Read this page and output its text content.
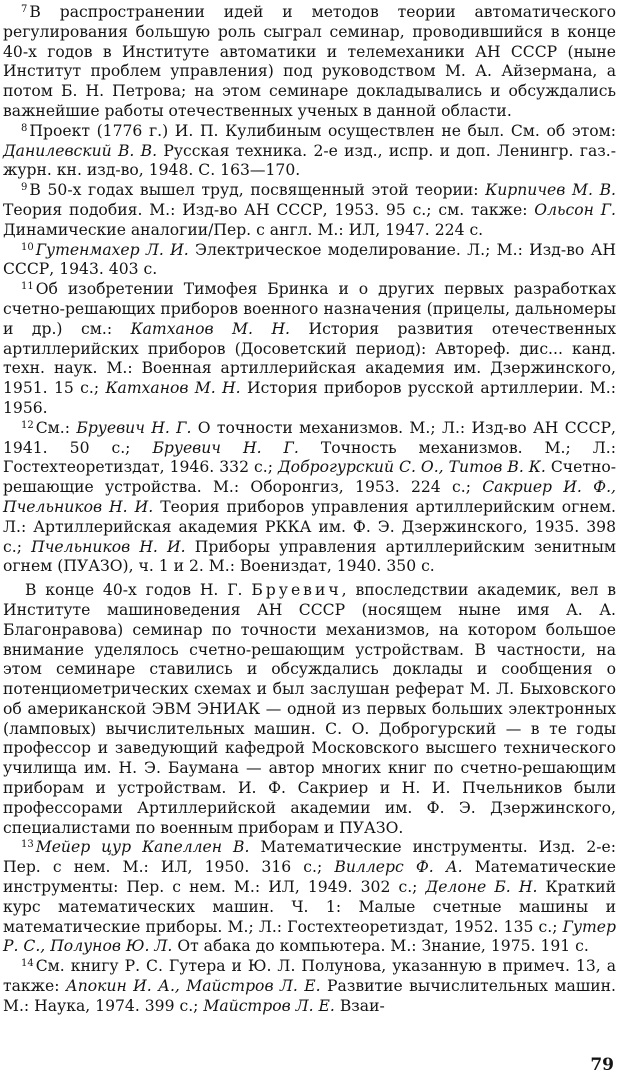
$^7$ В распространении идей и методов теории автоматического регулирования большую роль сыграл семинар, проводившийся в конце 40-х годов в Институте автоматики и телемеханики АН СССР (ныне Институт проблем управления) под руководством М. А. Айзермана, а потом Б. Н. Петрова; на этом семинаре докладывались и обсуждались важнейшие работы отечественных ученых в данной области.

$^8$ Проект (1776 г.) И. П. Кулибиным осуществлен не был. См. об этом: Данилевский В. В. Русская техника. 2-е изд., испр. и доп. Ленингр. газ.-журн. кн. изд-во, 1948. С. 163—170.

$^9$ В 50-х годах вышел труд, посвященный этой теории: Кирпичев М. В. Теория подобия. М.: Изд-во АН СССР, 1953. 95 с.; см. также: Ольсон Г. Динамические аналогии/Пер. с англ. М.: ИЛ, 1947. 224 с.

$^{10}$ Гутенмахер Л. И. Электрическое моделирование. Л.; М.: Изд-во АН СССР, 1943. 403 с.

$^{11}$ Об изобретении Тимофея Бринка и о других первых разработках счетно-решающих приборов военного назначения (прицелы, дальномеры и др.) см.: Катханов М. Н. История развития отечественных артиллерийских приборов (Досоветский период): Автореф. дис... канд. техн. наук. М.: Военная артиллерийская академия им. Дзержинского, 1951. 15 с.; Катханов М. Н. История приборов русской артиллерии. М.: 1956.

$^{12}$ См.: Бруевич Н. Г. О точности механизмов. М.; Л.: Изд-во АН СССР, 1941. 50 с.; Бруевич Н. Г. Точность механизмов. М.; Л.: Гостехтеоретиздат, 1946. 332 с.; Доброгурский С. О., Титов В. К. Счетно-решающие устройства. М.: Оборонгиз, 1953. 224 с.; Сакриер И. Ф., Пчельников Н. И. Теория приборов управления артиллерийским огнем. Л.: Артиллерийская академия РККА им. Ф. Э. Дзержинского, 1935. 398 с.; Пчельников Н. И. Приборы управления артиллерийским зенитным огнем (ПУАЗО), ч. 1 и 2. М.: Воениздат, 1940. 350 с.

В конце 40-х годов Н. Г. Бруевич, впоследствии академик, вел в Институте машиноведения АН СССР (носящем ныне имя А. А. Благонравова) семинар по точности механизмов, на котором большое внимание уделялось счетно-решающим устройствам. В частности, на этом семинаре ставились и обсуждались доклады и сообщения о потенциометрических схемах и был заслушан реферат М. Л. Быховского об американской ЭВМ ЭНИАК — одной из первых больших электронных (ламповых) вычислительных машин. С. О. Доброгурский — в те годы профессор и заведующий кафедрой Московского высшего технического училища им. Н. Э. Баумана — автор многих книг по счетно-решающим приборам и устройствам. И. Ф. Сакриер и Н. И. Пчельников были профессорами Артиллерийской академии им. Ф. Э. Дзержинского, специалистами по военным приборам и ПУАЗО.

$^{13}$ Мейер цур Капеллен В. Математические инструменты. Изд. 2-е: Пер. с нем. М.: ИЛ, 1950. 316 с.; Виллерс Ф. А. Математические инструменты: Пер. с нем. М.: ИЛ, 1949. 302 с.; Делоне Б. Н. Краткий курс математических машин. Ч. 1: Малые счетные машины и математические приборы. М.; Л.: Гостехтеоретиздат, 1952. 135 с.; Гутер Р. С., Полунов Ю. Л. От абака до компьютера. М.: Знание, 1975. 191 с.

$^{14}$ См. книгу Р. С. Гутера и Ю. Л. Полунова, указанную в примеч. 13, а также: Апокин И. А., Майстров Л. Е. Развитие вычислительных машин. М.: Наука, 1974. 399 с.; Майстров Л. Е. Взаи-

79
